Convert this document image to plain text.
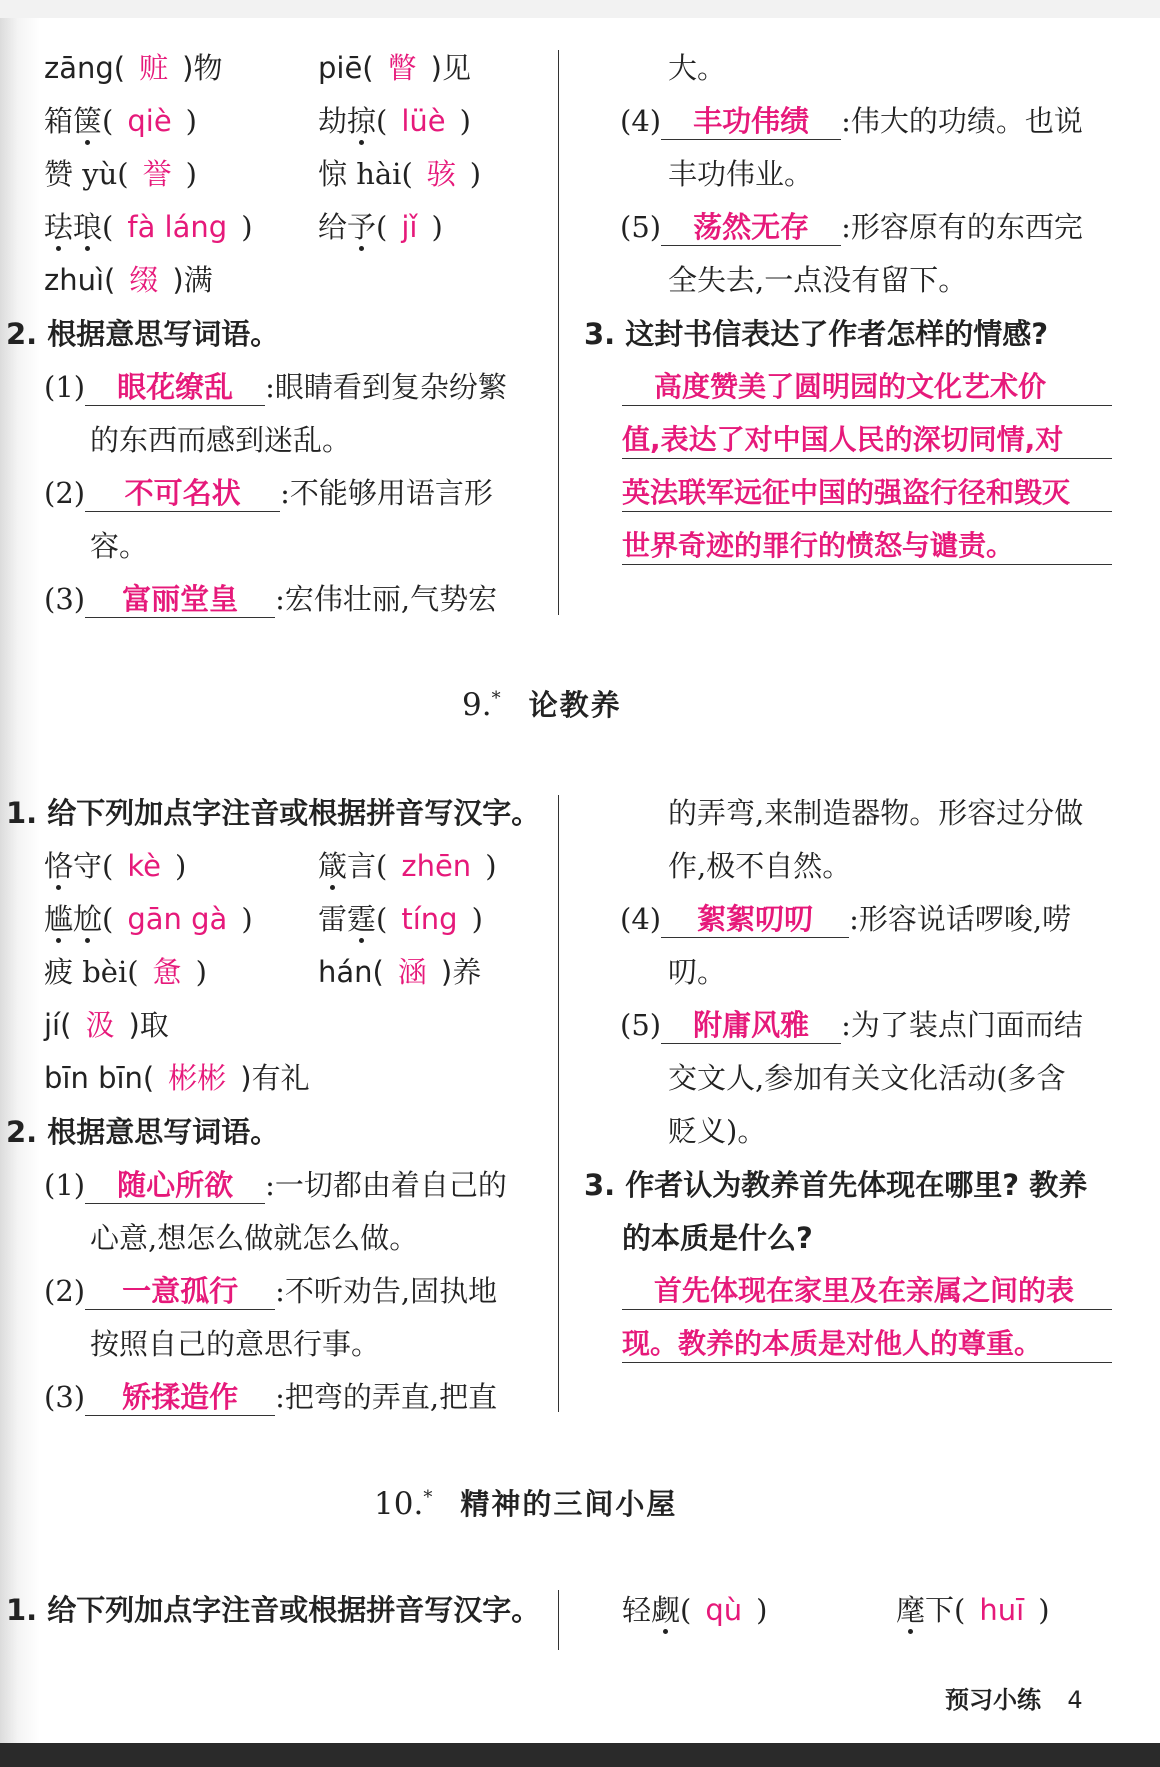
zāng( 赃 )物	piē( 瞥 )见
箱箧( qiè )	劫掠( lüè )
赞 yù( 誉 )	惊 hài( 骇 )
珐琅( fà láng ) 给予( jǐ )
zhuì( 缀 )满
2. 根据意思写词语。
(1) 眼花缭乱 :眼睛看到复杂纷繁
的东西而感到迷乱。
(2) 不可名状 :不能够用语言形
容。
(3) 富丽堂皇 :宏伟壮丽,气势宏
大。
(4) 丰功伟绩 :伟大的功绩。也说
丰功伟业。
(5) 荡然无存 :形容原有的东西完
全失去,一点没有留下。
3. 这封书信表达了作者怎样的情感?
高度赞美了圆明园的文化艺术价
值,表达了对中国人民的深切同情,对
英法联军远征中国的强盗行径和毁灭
世界奇迹的罪行的愤怒与谴责。
9.* 论教养
1. 给下列加点字注音或根据拼音写汉字。
恪守( kè )	箴言( zhēn )
尴尬( gān gà ) 雷霆( tíng )
疲 bèi( 惫 )	hán( 涵 )养
jí( 汲 )取
bīn bīn( 彬彬 )有礼
2. 根据意思写词语。
(1) 随心所欲 :一切都由着自己的
心意,想怎么做就怎么做。
(2) 一意孤行 :不听劝告,固执地
按照自己的意思行事。
(3) 矫揉造作 :把弯的弄直,把直
的弄弯,来制造器物。形容过分做
作,极不自然。
(4) 絮絮叨叨 :形容说话啰唆,唠
叨。
(5) 附庸风雅 :为了装点门面而结
交文人,参加有关文化活动(多含
贬义)。
3. 作者认为教养首先体现在哪里? 教养
的本质是什么?
首先体现在家里及在亲属之间的表
现。教养的本质是对他人的尊重。
10.* 精神的三间小屋
1. 给下列加点字注音或根据拼音写汉字。	轻觑( qù )	麾下( huī )
预习小练 4
